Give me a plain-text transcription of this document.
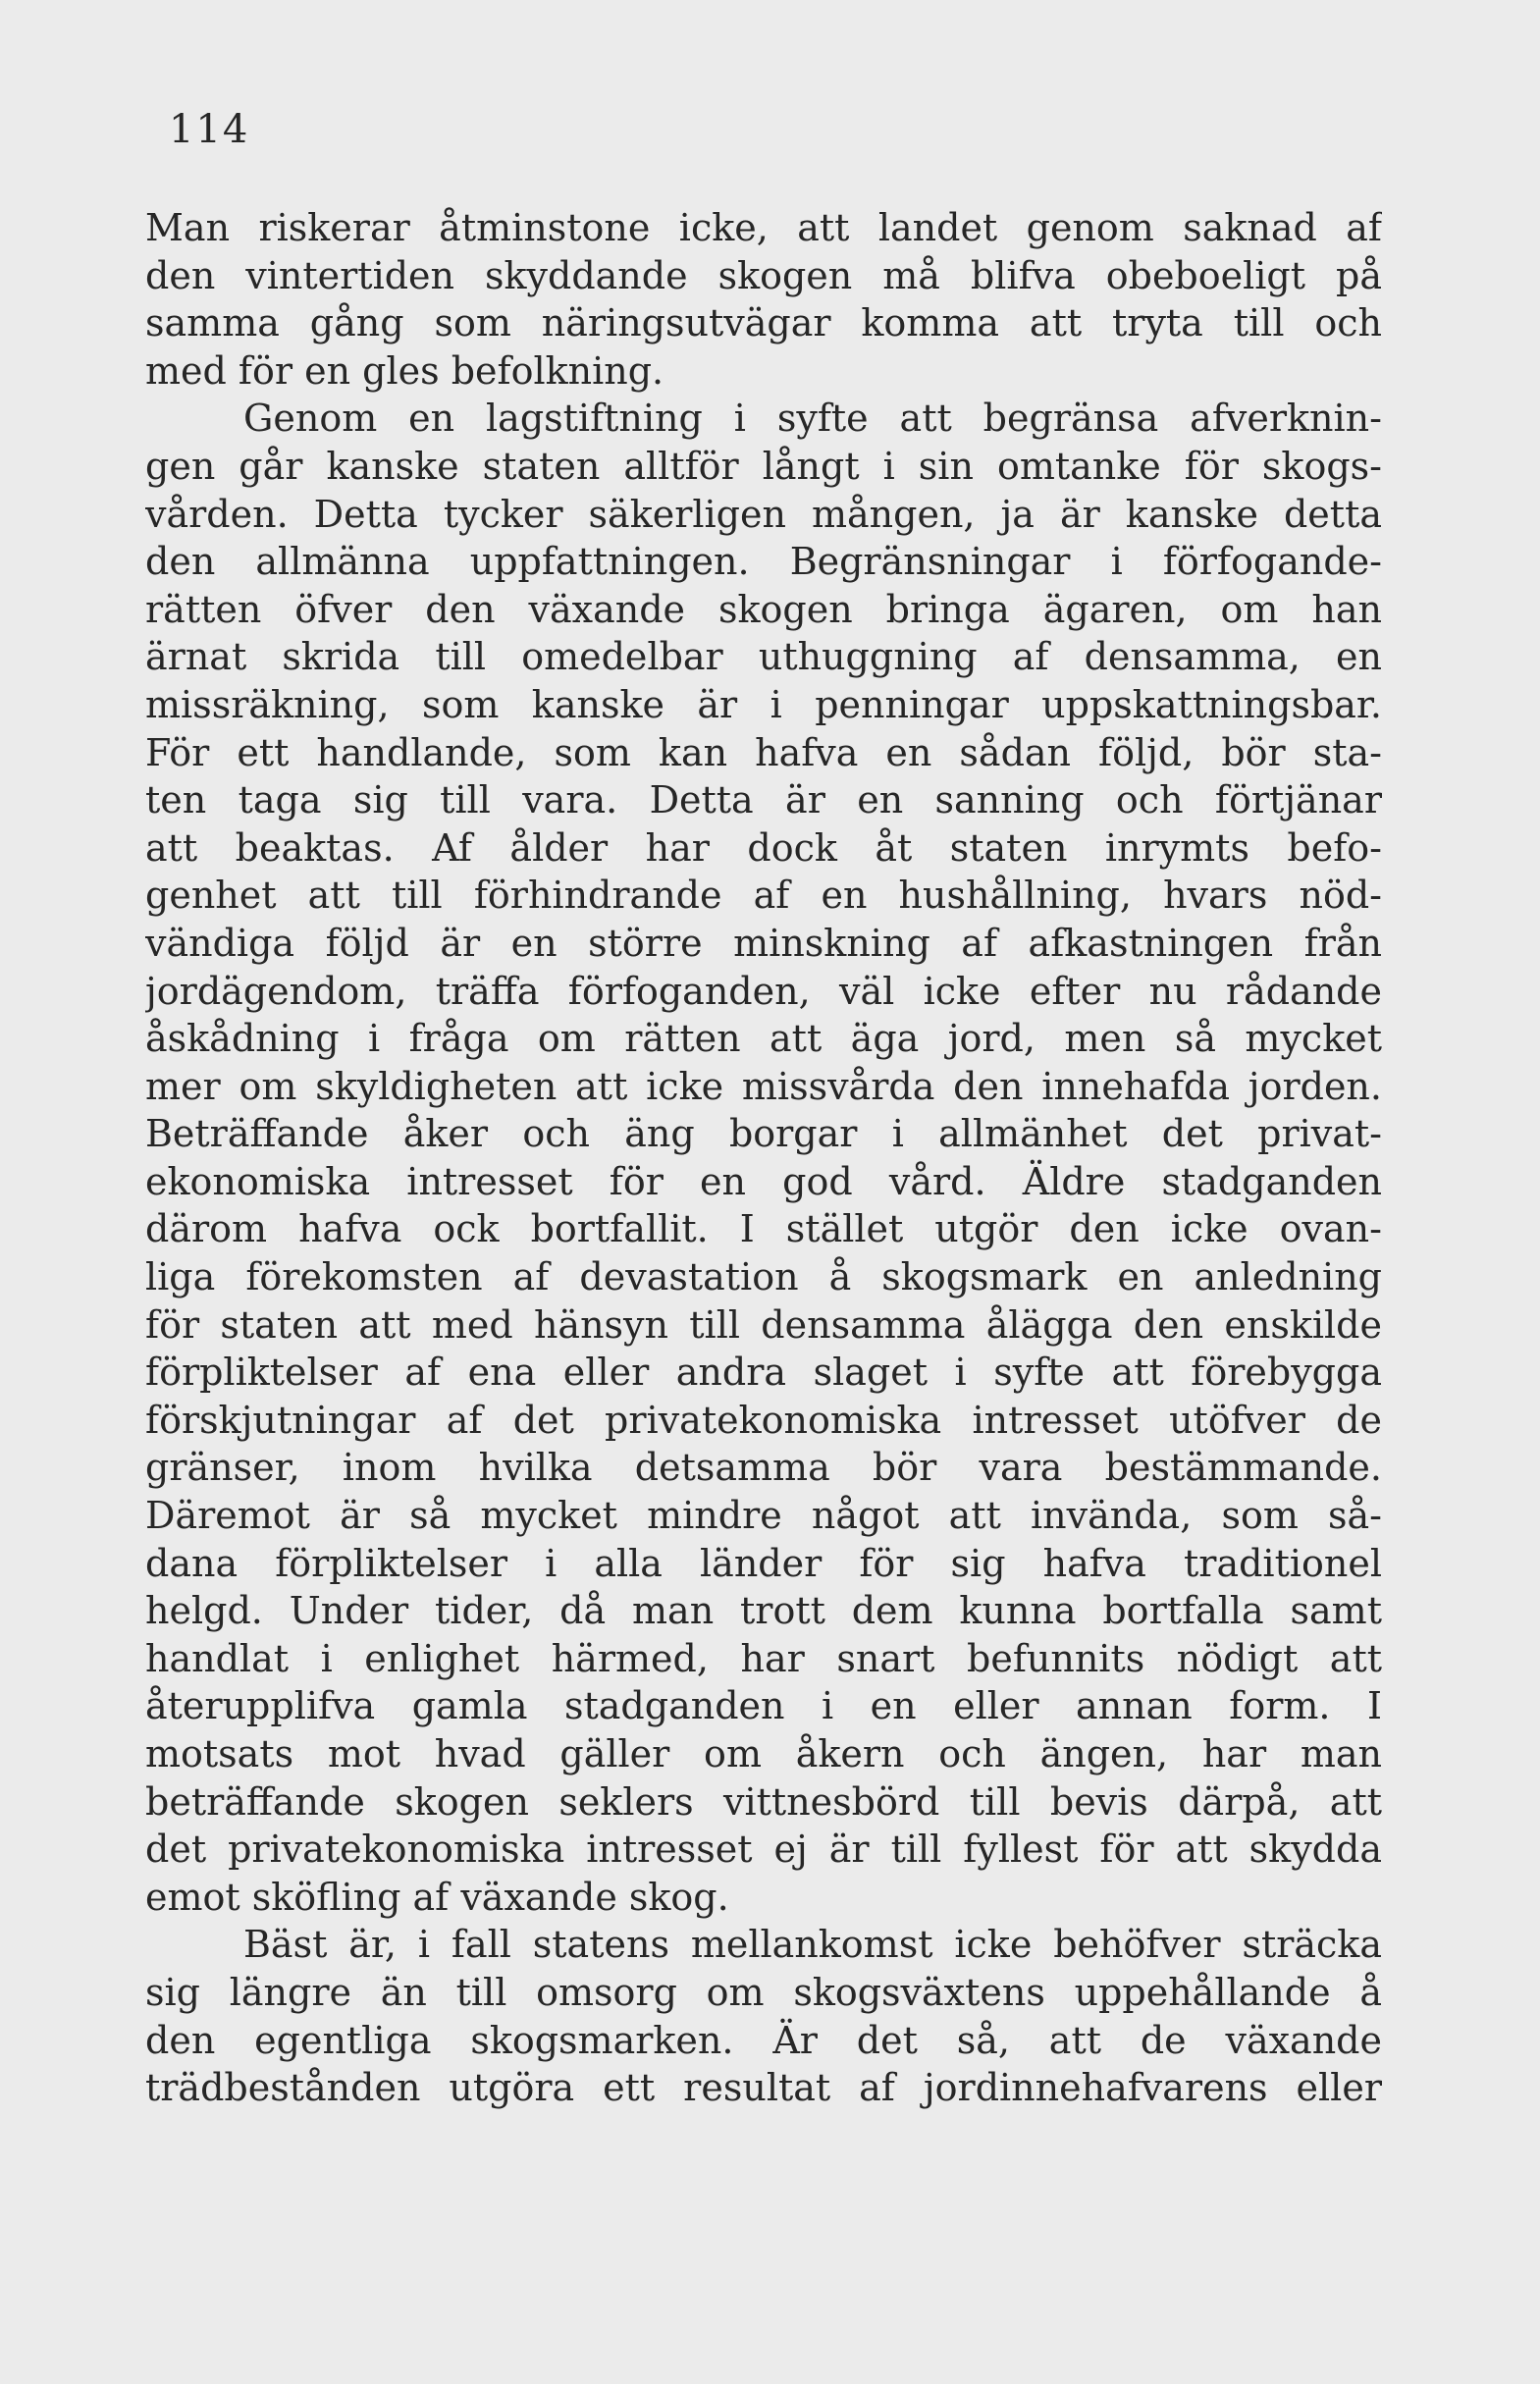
114
Man riskerar åtminstone icke, att landet genom saknad af
den vintertiden skyddande skogen må blifva obeboeligt på
samma gång som näringsutvägar komma att tryta till och
med för en gles befolkning.
Genom en lagstiftning i syfte att begränsa afverknin-
gen går kanske staten alltför långt i sin omtanke för skogs-
vården. Detta tycker säkerligen mången, ja är kanske detta
den allmänna uppfattningen. Begränsningar i förfogande-
rätten öfver den växande skogen bringa ägaren, om han
ärnat skrida till omedelbar uthuggning af densamma, en
missräkning, som kanske är i penningar uppskattningsbar.
För ett handlande, som kan hafva en sådan följd, bör sta-
ten taga sig till vara. Detta är en sanning och förtjänar
att beaktas. Af ålder har dock åt staten inrymts befo-
genhet att till förhindrande af en hushållning, hvars nöd-
vändiga följd är en större minskning af afkastningen från
jordägendom, träffa förfoganden, väl icke efter nu rådande
åskådning i fråga om rätten att äga jord, men så mycket
mer om skyldigheten att icke missvårda den innehafda jorden.
Beträffande åker och äng borgar i allmänhet det privat-
ekonomiska intresset för en god vård. Äldre stadganden
därom hafva ock bortfallit. I stället utgör den icke ovan-
liga förekomsten af devastation å skogsmark en anledning
för staten att med hänsyn till densamma ålägga den enskilde
förpliktelser af ena eller andra slaget i syfte att förebygga
förskjutningar af det privatekonomiska intresset utöfver de
gränser, inom hvilka detsamma bör vara bestämmande.
Däremot är så mycket mindre något att invända, som så-
dana förpliktelser i alla länder för sig hafva traditionel
helgd. Under tider, då man trott dem kunna bortfalla samt
handlat i enlighet härmed, har snart befunnits nödigt att
återupplifva gamla stadganden i en eller annan form. I
motsats mot hvad gäller om åkern och ängen, har man
beträffande skogen seklers vittnesbörd till bevis därpå, att
det privatekonomiska intresset ej är till fyllest för att skydda
emot sköfling af växande skog.
Bäst är, i fall statens mellankomst icke behöfver sträcka
sig längre än till omsorg om skogsväxtens uppehållande å
den egentliga skogsmarken. Är det så, att de växande
trädbestånden utgöra ett resultat af jordinnehafvarens eller
